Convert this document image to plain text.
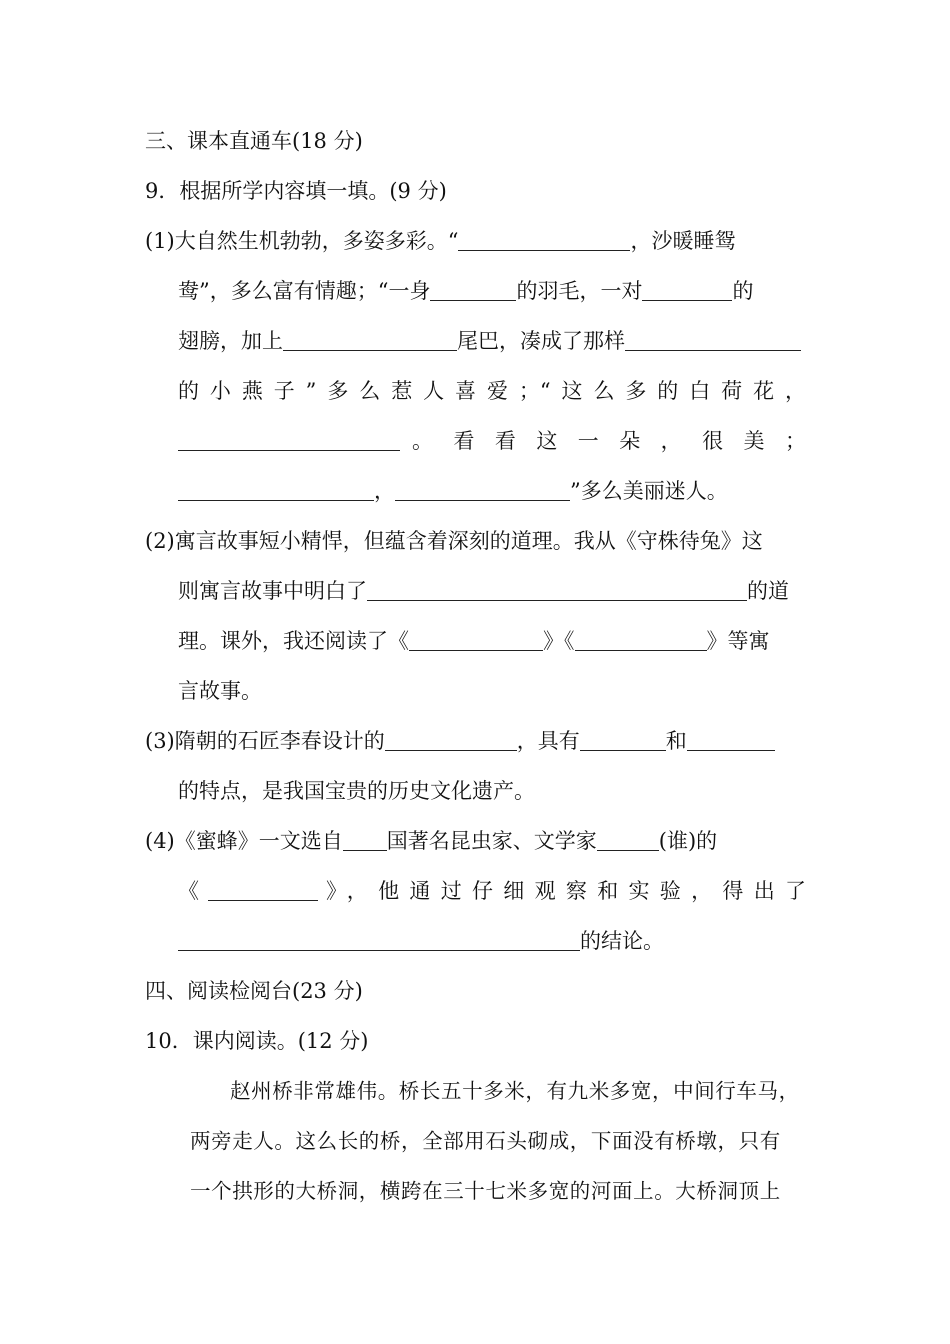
三、课本直通车(18 分)
9．根据所学内容填一填。(9 分)
(1)大自然生机勃勃，多姿多彩。“	，沙暖睡鸳
鸯”，多么富有情趣；“一身	的羽毛，一对	的
翅膀，加上	尾巴，凑成了那样
的小燕子”多么惹人喜爱；“这么多的白荷花，
。看看这一朵，很美；
，	”多么美丽迷人。
(2)寓言故事短小精悍，但蕴含着深刻的道理。我从《守株待兔》这
则寓言故事中明白了	的道
理。课外，我还阅读了《	》《	》等寓
言故事。
(3)隋朝的石匠李春设计的	，具有	和
的特点，是我国宝贵的历史文化遗产。
(4)《蜜蜂》一文选自 国著名昆虫家、文学家	(谁)的
《	》，他通过仔细观察和实验，得出了
的结论。
四、阅读检阅台(23 分)
10．课内阅读。(12 分)
赵州桥非常雄伟。桥长五十多米，有九米多宽，中间行车马，
两旁走人。这么长的桥，全部用石头砌成，下面没有桥墩，只有
一个拱形的大桥洞，横跨在三十七米多宽的河面上。大桥洞顶上
